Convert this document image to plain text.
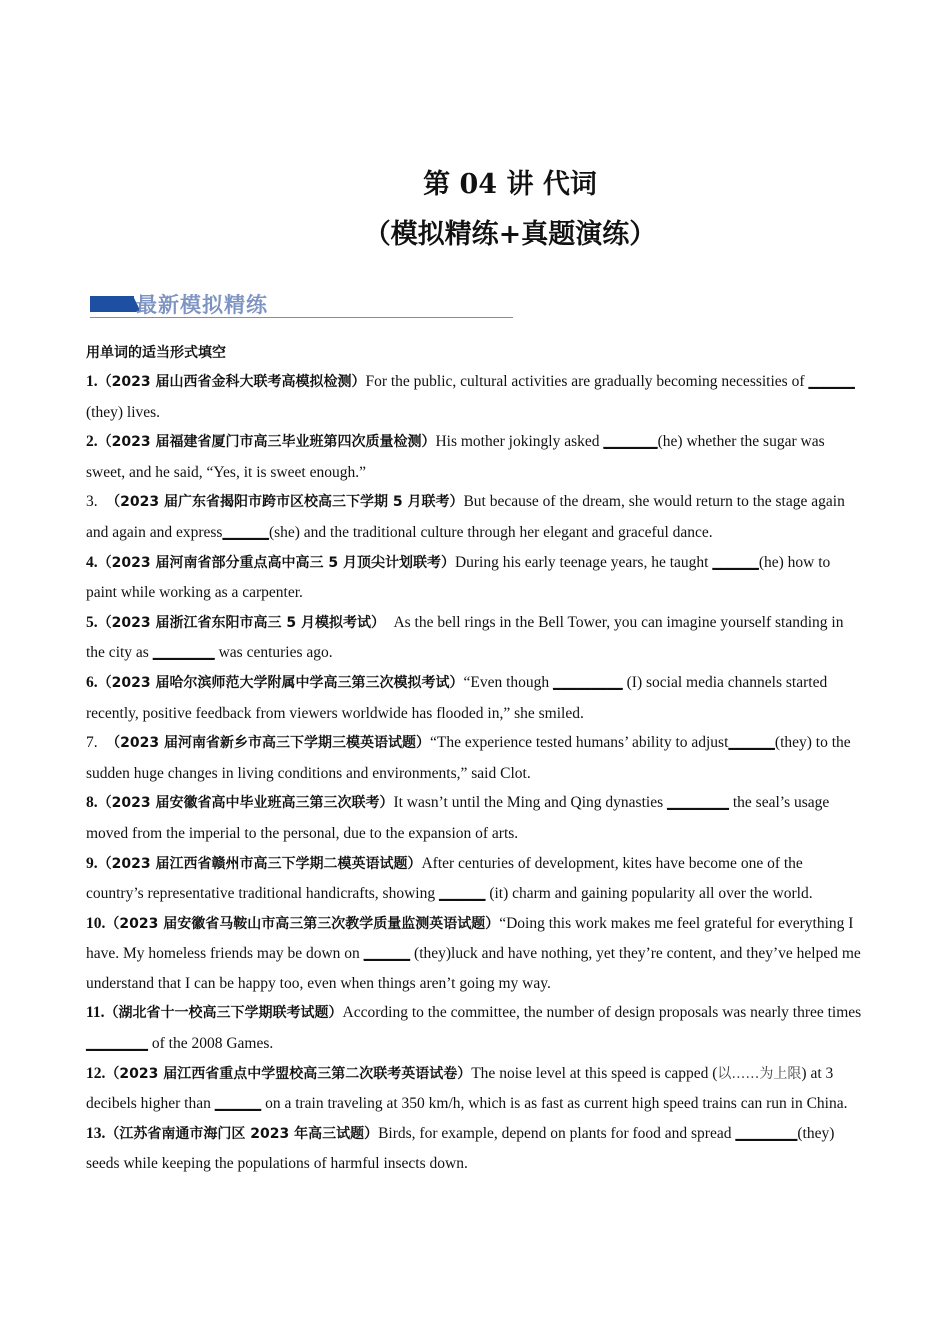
第 04 讲 代词
（模拟精练+真题演练）
最新模拟精练
用单词的适当形式填空

1.（2023 届山西省金科大联考高模拟检测）For the public, cultural activities are gradually becoming necessities of ______ (they) lives.

2.（2023 届福建省厦门市高三毕业班第四次质量检测）His mother jokingly asked _______(he) whether the sugar was sweet, and he said, “Yes, it is sweet enough.”

3.　（2023 届广东省揭阳市跨市区校高三下学期 5 月联考）But because of the dream, she would return to the stage again and again and express______(she) and the traditional culture through her elegant and graceful dance.

4.（2023 届河南省部分重点高中高三 5 月顶尖计划联考）During his early teenage years, he taught ______(he) how to paint while working as a carpenter.

5.（2023 届浙江省东阳市高三 5 月模拟考试）　As the bell rings in the Bell Tower, you can imagine yourself standing in the city as ________ was centuries ago.

6.（2023 届哈尔滨师范大学附属中学高三第三次模拟考试）“Even though _________ (I) social media channels started recently, positive feedback from viewers worldwide has flooded in,” she smiled.

7.　（2023 届河南省新乡市高三下学期三模英语试题）“The experience tested humans’ ability to adjust______(they) to the sudden huge changes in living conditions and environments,” said Clot.

8.（2023 届安徽省高中毕业班高三第三次联考）It wasn’t until the Ming and Qing dynasties ________ the seal’s usage moved from the imperial to the personal, due to the expansion of arts.

9.（2023 届江西省赣州市高三下学期二模英语试题）After centuries of development, kites have become one of the country’s representative traditional handicrafts, showing ______ (it) charm and gaining popularity all over the world.

10.（2023 届安徽省马鞍山市高三第三次教学质量监测英语试题）“Doing this work makes me feel grateful for everything I have. My homeless friends may be down on ______ (they)luck and have nothing, yet they’re content, and they’ve helped me understand that I can be happy too, even when things aren’t going my way.

11.（湖北省十一校高三下学期联考试题）According to the committee, the number of design proposals was nearly three times ________ of the 2008 Games.

12.（2023 届江西省重点中学盟校高三第二次联考英语试卷）The noise level at this speed is capped (以……为上限) at 3 decibels higher than ______ on a train traveling at 350 km/h, which is as fast as current high speed trains can run in China.

13.（江苏省南通市海门区 2023 年高三试题）Birds, for example, depend on plants for food and spread ________(they) seeds while keeping the populations of harmful insects down.
